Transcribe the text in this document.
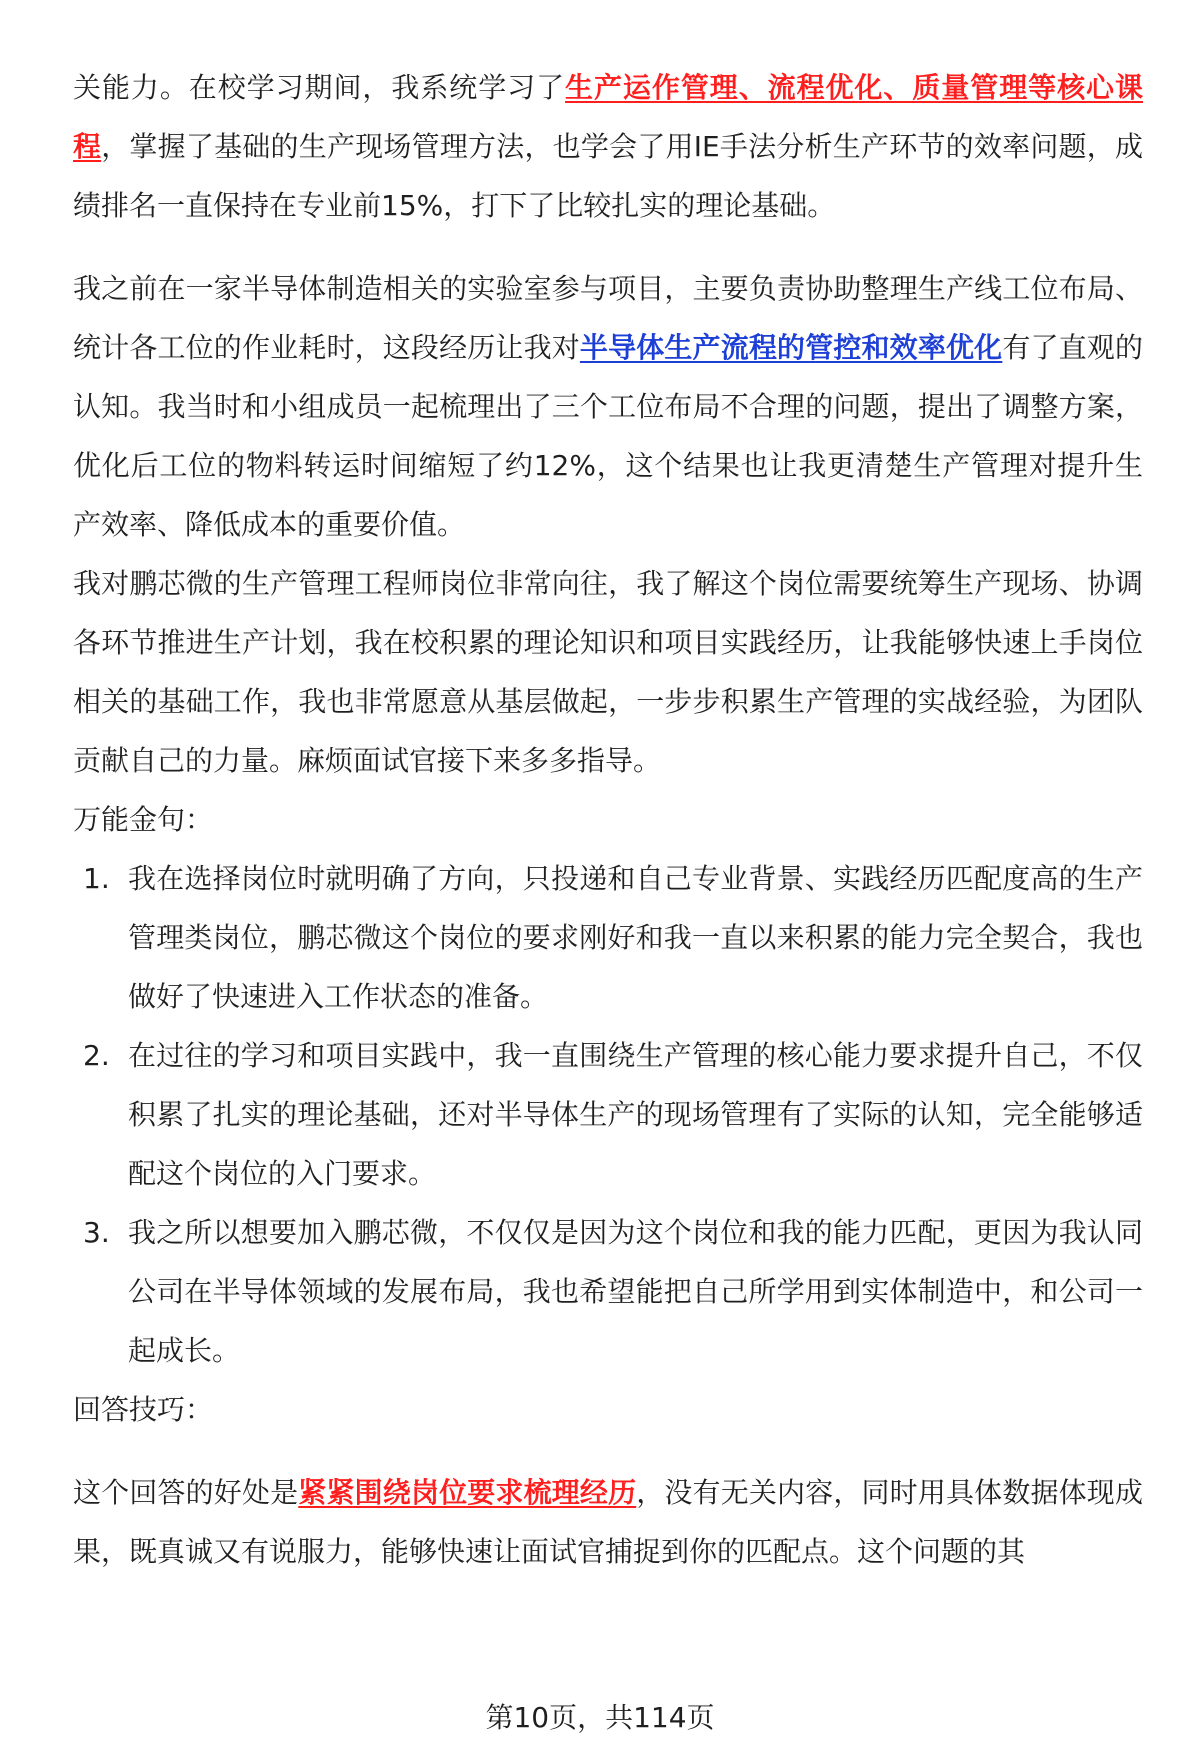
关能力。在校学习期间，我系统学习了生产运作管理、流程优化、质量管理等核心课程，掌握了基础的生产现场管理方法，也学会了用IE手法分析生产环节的效率问题，成绩排名一直保持在专业前15%，打下了比较扎实的理论基础。

我之前在一家半导体制造相关的实验室参与项目，主要负责协助整理生产线工位布局、统计各工位的作业耗时，这段经历让我对半导体生产流程的管控和效率优化有了直观的认知。我当时和小组成员一起梳理出了三个工位布局不合理的问题，提出了调整方案，优化后工位的物料转运时间缩短了约12%，这个结果也让我更清楚生产管理对提升生产效率、降低成本的重要价值。

我对鹏芯微的生产管理工程师岗位非常向往，我了解这个岗位需要统筹生产现场、协调各环节推进生产计划，我在校积累的理论知识和项目实践经历，让我能够快速上手岗位相关的基础工作，我也非常愿意从基层做起，一步步积累生产管理的实战经验，为团队贡献自己的力量。麻烦面试官接下来多多指导。

万能金句：

1. 我在选择岗位时就明确了方向，只投递和自己专业背景、实践经历匹配度高的生产管理类岗位，鹏芯微这个岗位的要求刚好和我一直以来积累的能力完全契合，我也做好了快速进入工作状态的准备。
2. 在过往的学习和项目实践中，我一直围绕生产管理的核心能力要求提升自己，不仅积累了扎实的理论基础，还对半导体生产的现场管理有了实际的认知，完全能够适配这个岗位的入门要求。
3. 我之所以想要加入鹏芯微，不仅仅是因为这个岗位和我的能力匹配，更因为我认同公司在半导体领域的发展布局，我也希望能把自己所学用到实体制造中，和公司一起成长。

回答技巧：

这个回答的好处是紧紧围绕岗位要求梳理经历，没有无关内容，同时用具体数据体现成果，既真诚又有说服力，能够快速让面试官捕捉到你的匹配点。这个问题的其

第10页，共114页
